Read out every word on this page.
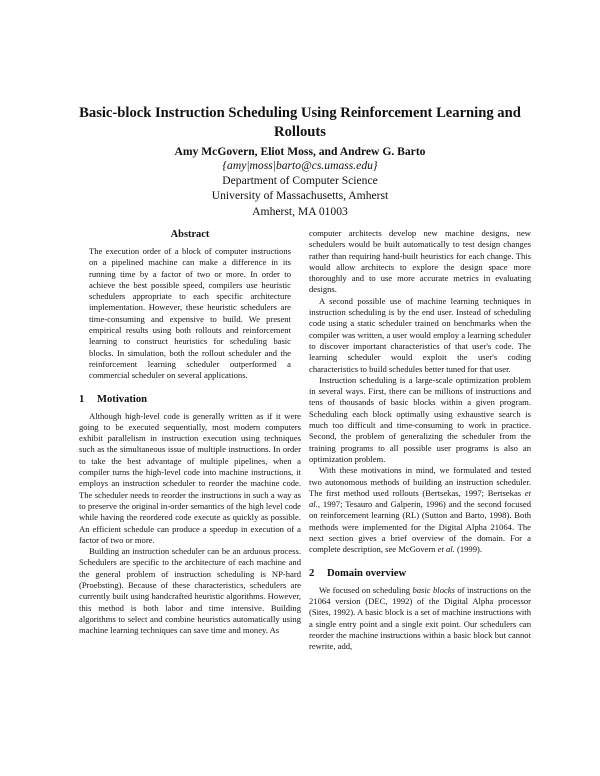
Basic-block Instruction Scheduling Using Reinforcement Learning and Rollouts
Amy McGovern, Eliot Moss, and Andrew G. Barto
{amy|moss|barto@cs.umass.edu}
Department of Computer Science
University of Massachusetts, Amherst
Amherst, MA 01003
Abstract

The execution order of a block of computer instructions on a pipelined machine can make a difference in its running time by a factor of two or more. In order to achieve the best possible speed, compilers use heuristic schedulers appropriate to each specific architecture implementation. However, these heuristic schedulers are time-consuming and expensive to build. We present empirical results using both rollouts and reinforcement learning to construct heuristics for scheduling basic blocks. In simulation, both the rollout scheduler and the reinforcement learning scheduler outperformed a commercial scheduler on several applications.

1 Motivation

Although high-level code is generally written as if it were going to be executed sequentially, most modern computers exhibit parallelism in instruction execution using techniques such as the simultaneous issue of multiple instructions. In order to take the best advantage of multiple pipelines, when a compiler turns the high-level code into machine instructions, it employs an instruction scheduler to reorder the machine code. The scheduler needs to reorder the instructions in such a way as to preserve the original in-order semantics of the high level code while having the reordered code execute as quickly as possible. An efficient schedule can produce a speedup in execution of a factor of two or more.

Building an instruction scheduler can be an arduous process. Schedulers are specific to the architecture of each machine and the general problem of instruction scheduling is NP-hard (Proebsting). Because of these characteristics, schedulers are currently built using handcrafted heuristic algorithms. However, this method is both labor and time intensive. Building algorithms to select and combine heuristics automatically using machine learning techniques can save time and money. As

computer architects develop new machine designs, new schedulers would be built automatically to test design changes rather than requiring hand-built heuristics for each change. This would allow architects to explore the design space more thoroughly and to use more accurate metrics in evaluating designs.

A second possible use of machine learning techniques in instruction scheduling is by the end user. Instead of scheduling code using a static scheduler trained on benchmarks when the compiler was written, a user would employ a learning scheduler to discover important characteristics of that user's code. The learning scheduler would exploit the user's coding characteristics to build schedules better tuned for that user.

Instruction scheduling is a large-scale optimization problem in several ways. First, there can be millions of instructions and tens of thousands of basic blocks within a given program. Scheduling each block optimally using exhaustive search is much too difficult and time-consuming to work in practice. Second, the problem of generalizing the scheduler from the training programs to all possible user programs is also an optimization problem.

With these motivations in mind, we formulated and tested two autonomous methods of building an instruction scheduler. The first method used rollouts (Bertsekas, 1997; Bertsekas et al., 1997; Tesauro and Galperin, 1996) and the second focused on reinforcement learning (RL) (Sutton and Barto, 1998). Both methods were implemented for the Digital Alpha 21064. The next section gives a brief overview of the domain. For a complete description, see McGovern et al. (1999).

2 Domain overview

We focused on scheduling basic blocks of instructions on the 21064 version (DEC, 1992) of the Digital Alpha processor (Sites, 1992). A basic block is a set of machine instructions with a single entry point and a single exit point. Our schedulers can reorder the machine instructions within a basic block but cannot rewrite, add,
